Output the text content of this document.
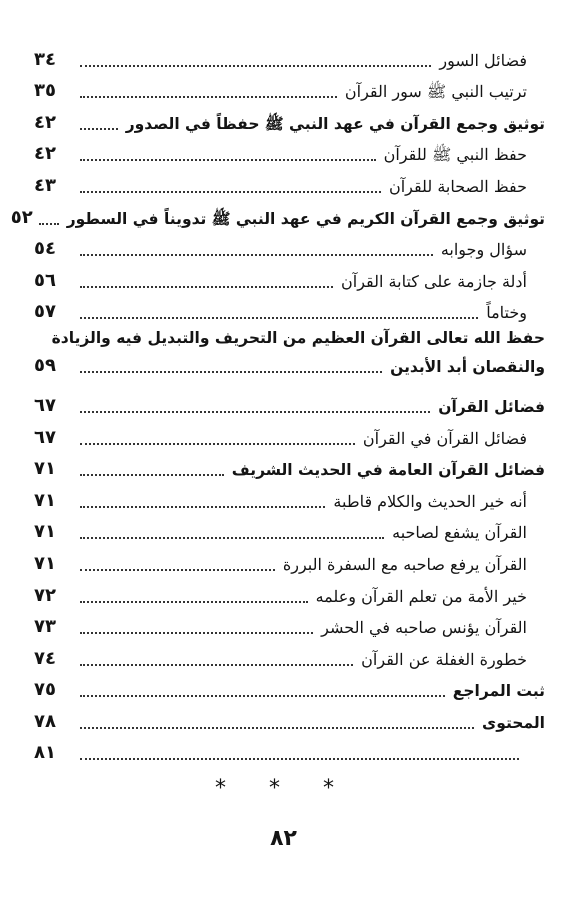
فضائل السور
٣٤
ترتيب النبي ﷺ سور القرآن
٣٥
توثيق وجمع القرآن في عهد النبي ﷺ حفظاً في الصدور
٤٢
حفظ النبي ﷺ للقرآن
٤٢
حفظ الصحابة للقرآن
٤٣
توثيق وجمع القرآن الكريم في عهد النبي ﷺ تدويناً في السطور
٥٢
سؤال وجوابه
٥٤
أدلة جازمة على كتابة القرآن
٥٦
وختاماً
٥٧
حفظ الله تعالى القرآن العظيم من التحريف والتبديل فيه والزيادة
والنقصان أبد الأبدين
٥٩
فضائل القرآن
٦٧
فضائل القرآن في القرآن
٦٧
فضائل القرآن العامة في الحديث الشريف
٧١
أنه خير الحديث والكلام قاطبة
٧١
القرآن يشفع لصاحبه
٧١
القرآن يرفع صاحبه مع السفرة البررة
٧١
خير الأمة من تعلم القرآن وعلمه
٧٢
القرآن يؤنس صاحبه في الحشر
٧٣
خطورة الغفلة عن القرآن
٧٤
ثبت المراجع
٧٥
المحتوى
٧٨
٨١
* * *
٨٢
